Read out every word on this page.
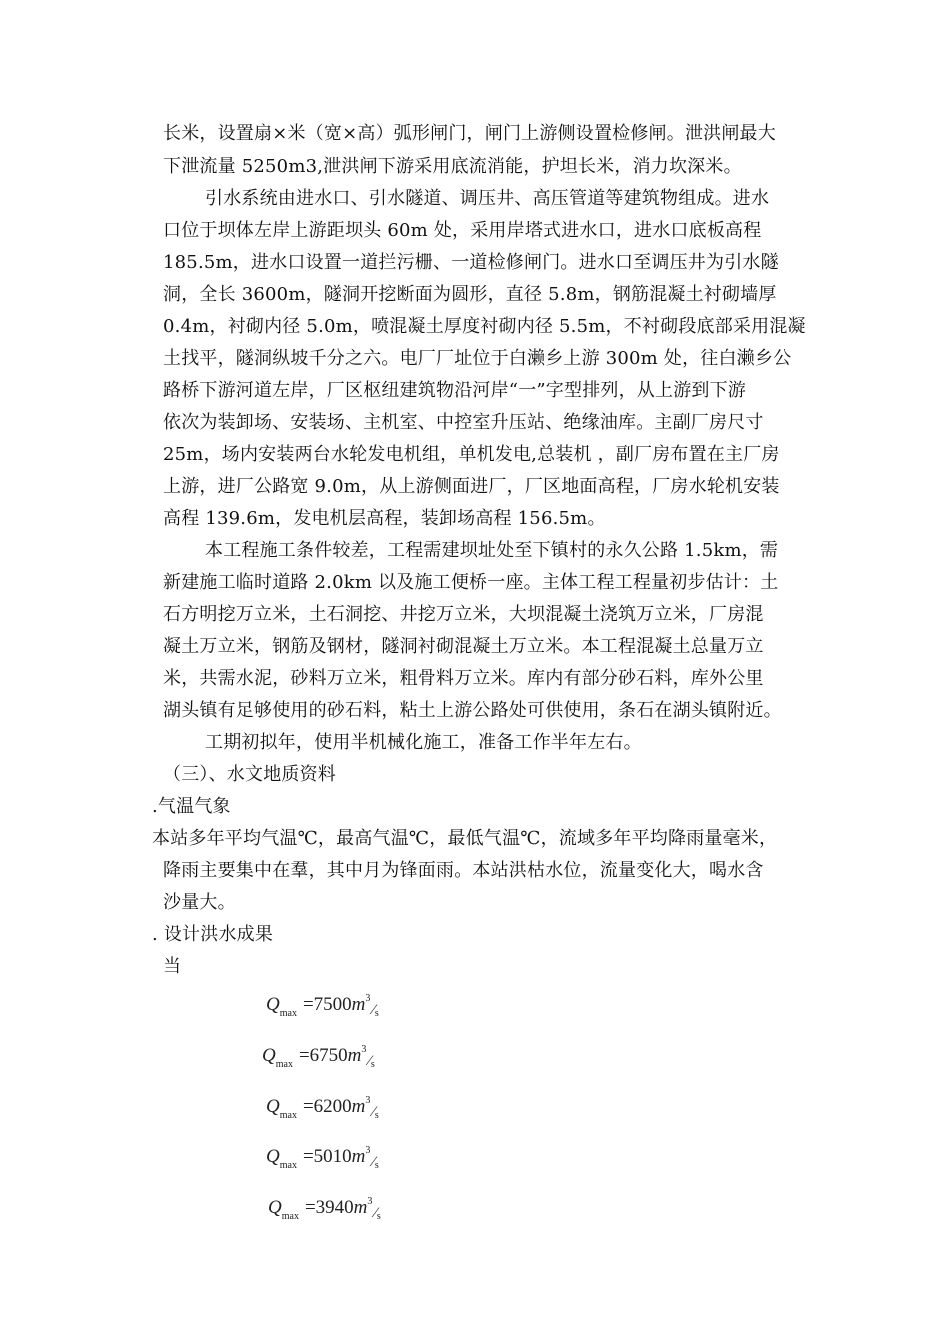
长米，设置扇×米（宽×高）弧形闸门，闸门上游侧设置检修闸。泄洪闸最大
下泄流量 5250m3,泄洪闸下游采用底流消能，护坦长米，消力坎深米。
引水系统由进水口、引水隧道、调压井、高压管道等建筑物组成。进水
口位于坝体左岸上游距坝头 60m 处，采用岸塔式进水口，进水口底板高程
185.5m，进水口设置一道拦污栅、一道检修闸门。进水口至调压井为引水隧
洞，全长 3600m，隧洞开挖断面为圆形，直径 5.8m，钢筋混凝土衬砌墙厚
0.4m，衬砌内径 5.0m，喷混凝土厚度衬砌内径 5.5m，不衬砌段底部采用混凝
土找平，隧洞纵坡千分之六。电厂厂址位于白濑乡上游 300m 处，往白濑乡公
路桥下游河道左岸，厂区枢纽建筑物沿河岸“一”字型排列，从上游到下游
依次为装卸场、安装场、主机室、中控室升压站、绝缘油库。主副厂房尺寸
25m，场内安装两台水轮发电机组，单机发电,总装机 ，副厂房布置在主厂房
上游，进厂公路宽 9.0m，从上游侧面进厂，厂区地面高程，厂房水轮机安装
高程 139.6m，发电机层高程，装卸场高程 156.5m。
本工程施工条件较差，工程需建坝址处至下镇村的永久公路 1.5km，需
新建施工临时道路 2.0km 以及施工便桥一座。主体工程工程量初步估计：土
石方明挖万立米，土石洞挖、井挖万立米，大坝混凝土浇筑万立米，厂房混
凝土万立米，钢筋及钢材，隧洞衬砌混凝土万立米。本工程混凝土总量万立
米，共需水泥，砂料万立米，粗骨料万立米。库内有部分砂石料，库外公里
湖头镇有足够使用的砂石料，粘土上游公路处可供使用，条石在湖头镇附近。
工期初拟年，使用半机械化施工，准备工作半年左右。
（三）、水文地质资料
.气温气象
本站多年平均气温℃，最高气温℃，最低气温℃，流域多年平均降雨量毫米，
降雨主要集中在羣，其中月为锋面雨。本站洪枯水位，流量变化大，喝水含
沙量大。
. 设计洪水成果
当
$Q_{max} =7500m^3_{⁄s}$
$Q_{max} =6750m^3_{⁄s}$
$Q_{max} =6200m^3_{⁄s}$
$Q_{max} =5010m^3_{⁄s}$
$Q_{max} =3940m^3_{⁄s}$
